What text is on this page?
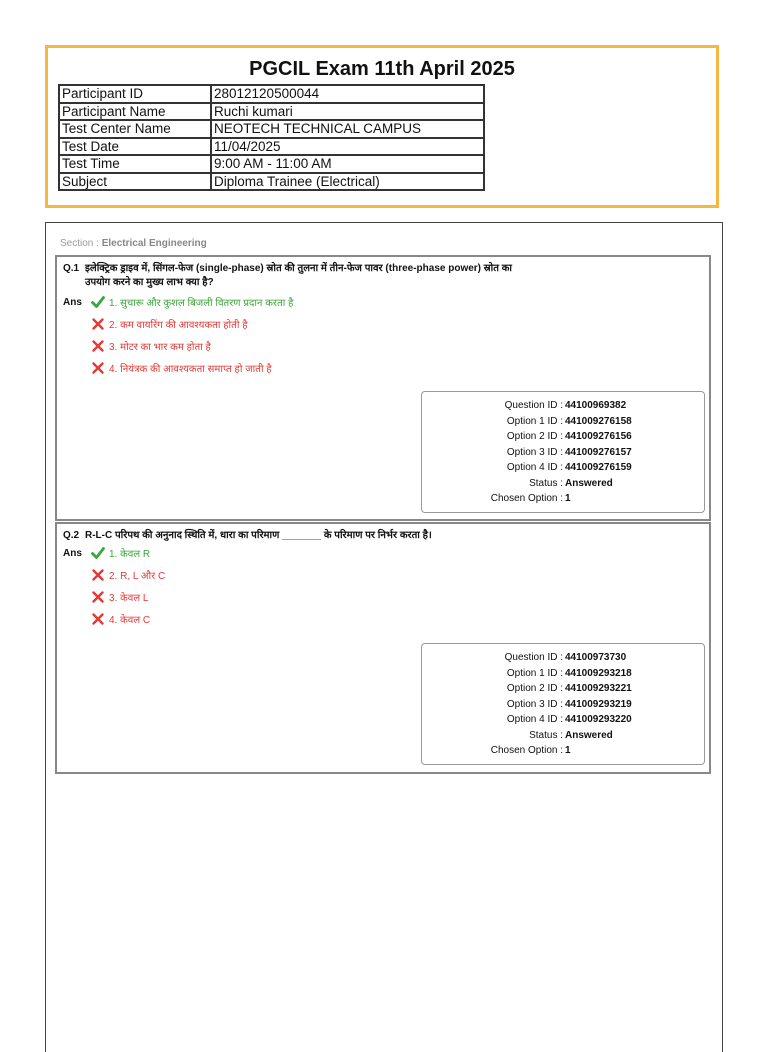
PGCIL Exam 11th April 2025
Participant ID	28012120500044
Participant Name	Ruchi kumari
Test Center Name	NEOTECH TECHNICAL CAMPUS
Test Date	11/04/2025
Test Time	9:00 AM - 11:00 AM
Subject	Diploma Trainee (Electrical)
Section : Electrical Engineering
Q.1 इलेक्ट्रिक ड्राइव में, सिंगल-फेज (single-phase) स्रोत की तुलना में तीन-फेज पावर (three-phase power) स्रोत का उपयोग करने का मुख्य लाभ क्या है?
Ans	1. सुचारू और कुशल बिजली वितरण प्रदान करता है
2. कम वायरिंग की आवश्यकता होती है
3. मोटर का भार कम होता है
4. नियंत्रक की आवश्यकता समाप्त हो जाती है
Question ID : 44100969382
Option 1 ID : 441009276158
Option 2 ID : 441009276156
Option 3 ID : 441009276157
Option 4 ID : 441009276159
Status : Answered
Chosen Option : 1
Q.2 R-L-C परिपथ की अनुनाद स्थिति में, धारा का परिमाण _______ के परिमाण पर निर्भर करता है।
Ans	1. केवल R
2. R, L और C
3. केवल L
4. केवल C
Question ID : 44100973730
Option 1 ID : 441009293218
Option 2 ID : 441009293221
Option 3 ID : 441009293219
Option 4 ID : 441009293220
Status : Answered
Chosen Option : 1
